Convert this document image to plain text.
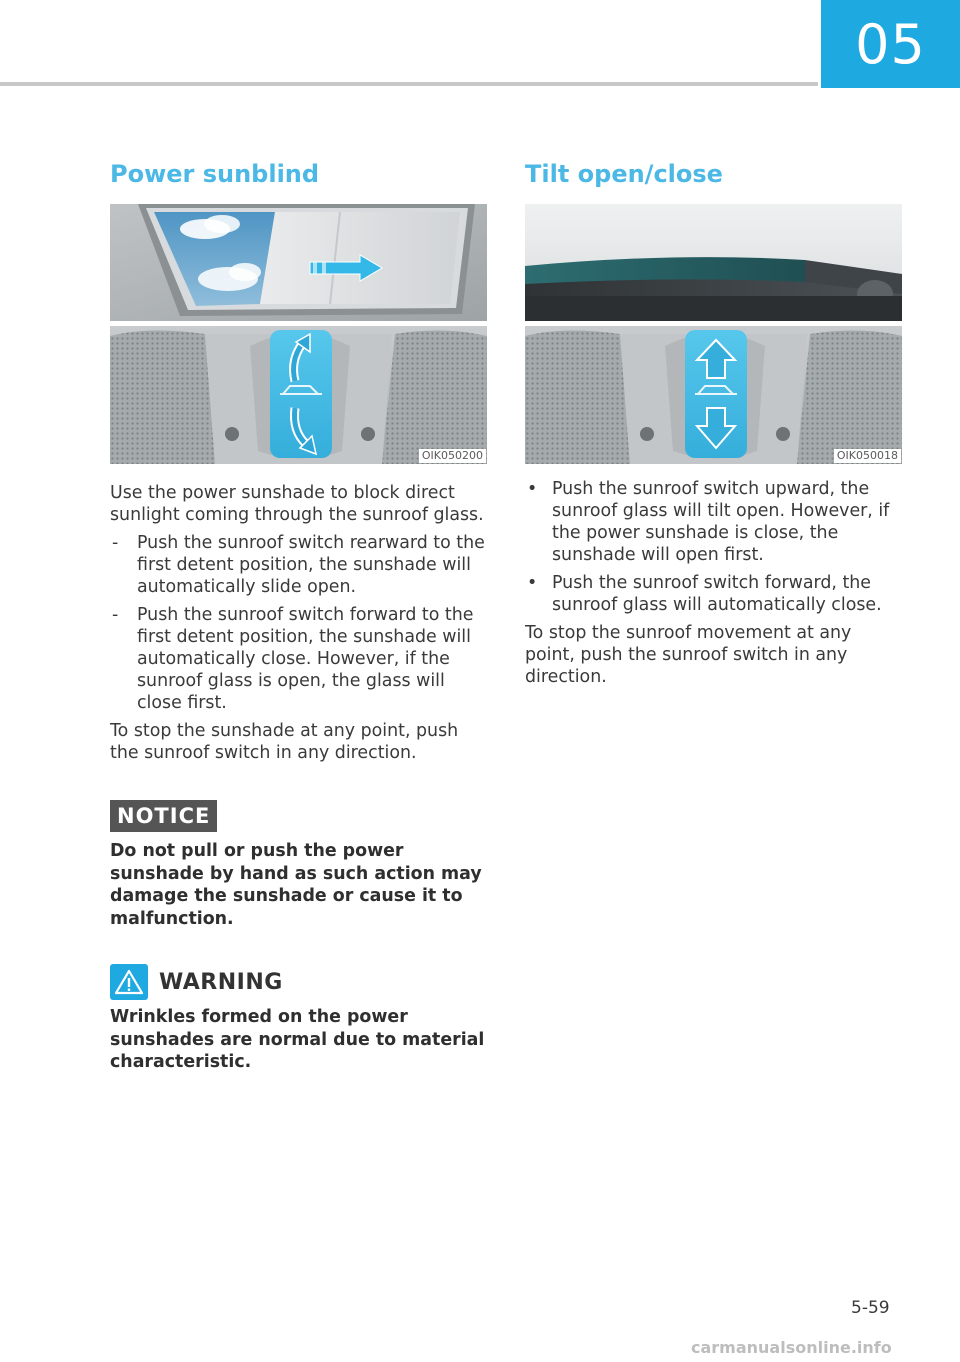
05
Power sunblind
OIK050200

Use the power sunshade to block direct sunlight coming through the sunroof glass.

- Push the sunroof switch rearward to the first detent position, the sunshade will automatically slide open.
- Push the sunroof switch forward to the first detent position, the sunshade will automatically close. However, if the sunroof glass is open, the glass will close first.

To stop the sunshade at any point, push the sunroof switch in any direction.

NOTICE

Do not pull or push the power sunshade by hand as such action may damage the sunshade or cause it to malfunction.

WARNING

Wrinkles formed on the power sunshades are normal due to material characteristic.

Tilt open/close
OIK050018
• Push the sunroof switch upward, the sunroof glass will tilt open. However, if the power sunshade is close, the sunshade will open first.
• Push the sunroof switch forward, the sunroof glass will automatically close.

To stop the sunroof movement at any point, push the sunroof switch in any direction.

5-59
carmanualsonline.info
